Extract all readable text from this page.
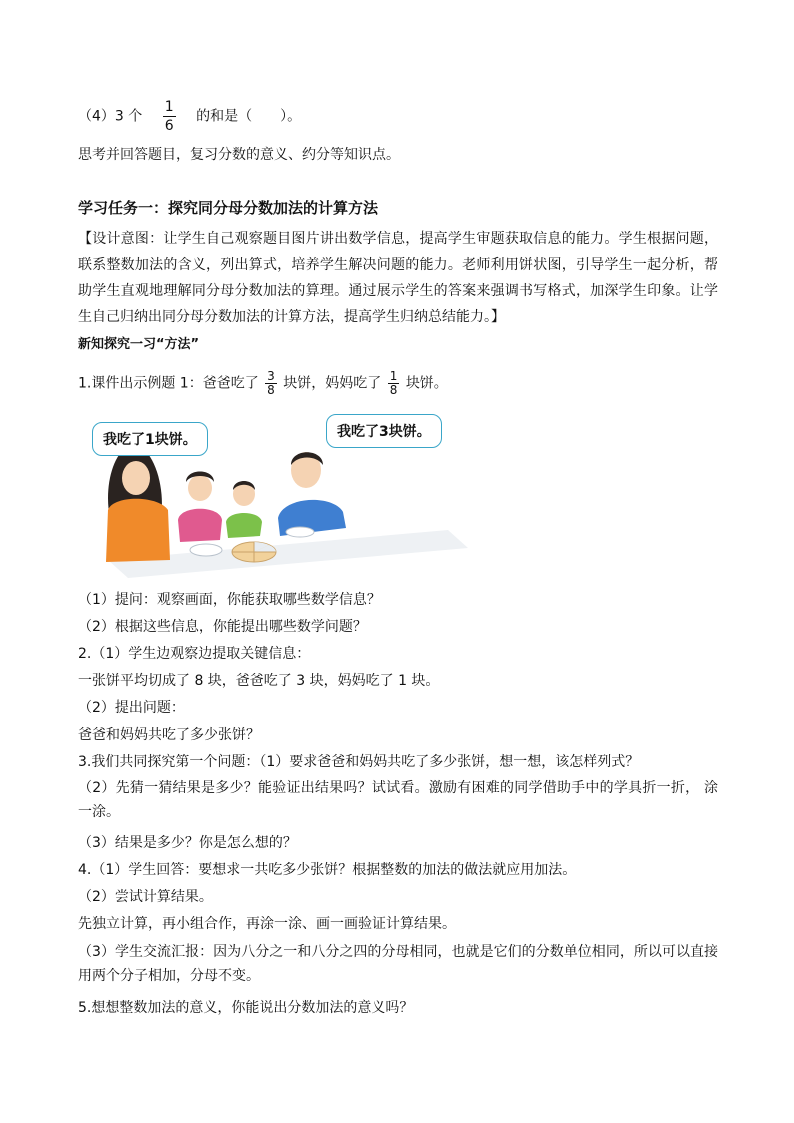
（4）3 个 $\frac{1}{6}$ 的和是（　　）。
思考并回答题目，复习分数的意义、约分等知识点。
学习任务一：探究同分母分数加法的计算方法
【设计意图：让学生自己观察题目图片讲出数学信息，提高学生审题获取信息的能力。学生根据问题，联系整数加法的含义，列出算式，培养学生解决问题的能力。老师利用饼状图，引导学生一起分析，帮助学生直观地理解同分母分数加法的算理。通过展示学生的答案来强调书写格式，加深学生印象。让学生自己归纳出同分母分数加法的计算方法，提高学生归纳总结能力。】
新知探究一习“方法”
1.课件出示例题 1：爸爸吃了 $\frac{3}{8}$ 块饼，妈妈吃了 $\frac{1}{8}$ 块饼。
我吃了1块饼。	我吃了3块饼。
（1）提问：观察画面，你能获取哪些数学信息？
（2）根据这些信息，你能提出哪些数学问题？
2.（1）学生边观察边提取关键信息：
一张饼平均切成了 8 块，爸爸吃了 3 块，妈妈吃了 1 块。
（2）提出问题：
爸爸和妈妈共吃了多少张饼？
3.我们共同探究第一个问题：（1）要求爸爸和妈妈共吃了多少张饼，想一想，该怎样列式？
（2）先猜一猜结果是多少？能验证出结果吗？试试看。激励有困难的同学借助手中的学具折一折， 涂一涂。
（3）结果是多少？你是怎么想的？
4.（1）学生回答：要想求一共吃多少张饼？根据整数的加法的做法就应用加法。
（2）尝试计算结果。
先独立计算，再小组合作，再涂一涂、画一画验证计算结果。
（3）学生交流汇报：因为八分之一和八分之四的分母相同，也就是它们的分数单位相同，所以可以直接用两个分子相加，分母不变。
5.想想整数加法的意义，你能说出分数加法的意义吗？
